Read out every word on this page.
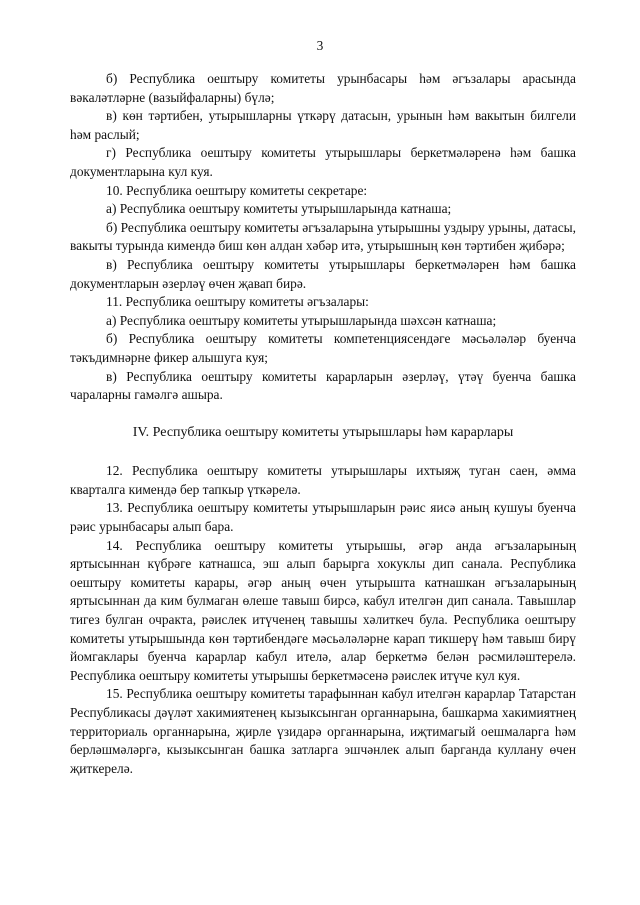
3

б) Республика оештыру комитеты урынбасары һәм әгъзалары арасында вәкаләтләрне (вазыйфаларны) бүлә;

в) көн тәртибен, утырышларны үткәрү датасын, урынын һәм вакытын билгели һәм раслый;

г) Республика оештыру комитеты утырышлары беркетмәләренә һәм башка документларына кул куя.

10. Республика оештыру комитеты секретаре:

а) Республика оештыру комитеты утырышларында катнаша;

б) Республика оештыру комитеты әгъзаларына утырышны уздыру урыны, датасы, вакыты турында кимендә биш көн алдан хәбәр итә, утырышның көн тәртибен җибәрә;

в) Республика оештыру комитеты утырышлары беркетмәләрен һәм башка документларын әзерләү өчен җавап бирә.

11. Республика оештыру комитеты әгъзалары:

а) Республика оештыру комитеты утырышларында шәхсән катнаша;

б) Республика оештыру комитеты компетенциясендәге мәсьәләләр буенча тәкъдимнәрне фикер алышуга куя;

в) Республика оештыру комитеты карарларын әзерләү, үтәү буенча башка чараларны гамәлгә ашыра.

IV. Республика оештыру комитеты утырышлары һәм карарлары

12. Республика оештыру комитеты утырышлары ихтыяҗ туган саен, әмма кварталга кимендә бер тапкыр үткәрелә.

13. Республика оештыру комитеты утырышларын рәис яисә аның кушуы буенча рәис урынбасары алып бара.

14. Республика оештыру комитеты утырышы, әгәр анда әгъзаларының яртысыннан күбрәге катнашса, эш алып барырга хокуклы дип санала. Республика оештыру комитеты карары, әгәр аның өчен утырышта катнашкан әгъзаларының яртысыннан да ким булмаган өлеше тавыш бирсә, кабул ителгән дип санала. Тавышлар тигез булган очракта, рәислек итүченең тавышы хәлиткеч була. Республика оештыру комитеты утырышында көн тәртибендәге мәсьәләләрне карап тикшерү һәм тавыш бирү йомгаклары буенча карарлар кабул ителә, алар беркетмә белән рәсмиләштерелә. Республика оештыру комитеты утырышы беркетмәсенә рәислек итүче кул куя.

15. Республика оештыру комитеты тарафыннан кабул ителгән карарлар Татарстан Республикасы дәүләт хакимиятенең кызыксынган органнарына, башкарма хакимиятнең территориаль органнарына, җирле үзидарә органнарына, иҗтимагый оешмаларга һәм берләшмәләргә, кызыксынган башка затларга эшчәнлек алып барганда куллану өчен җиткерелә.
